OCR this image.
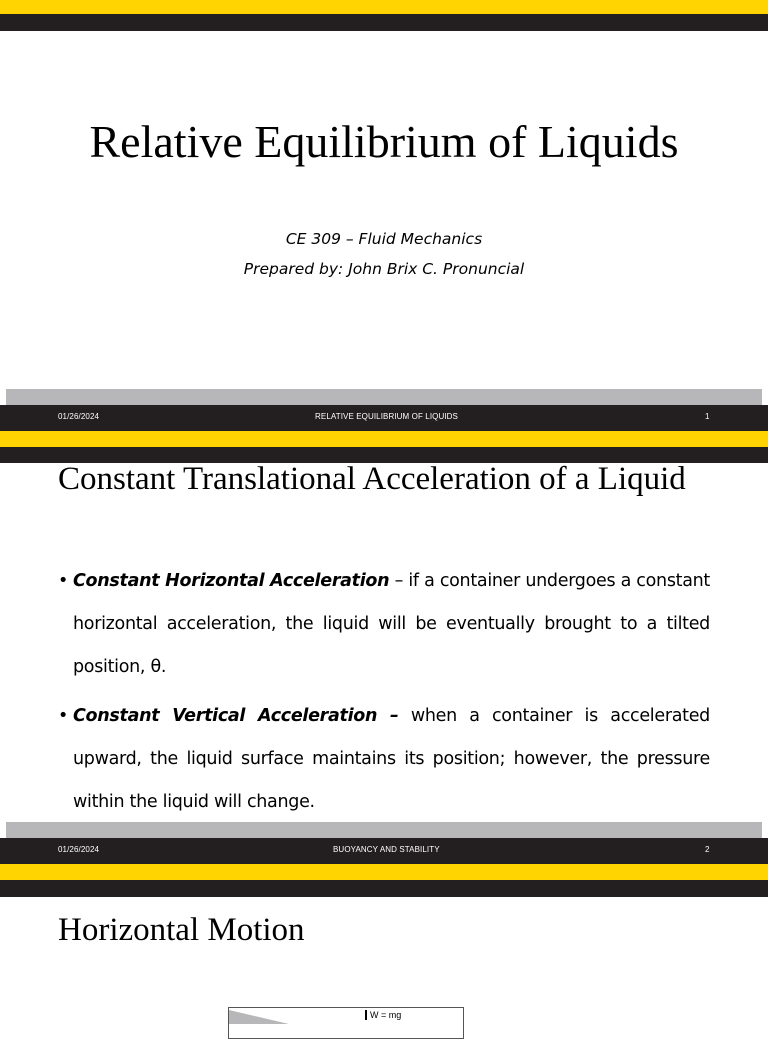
Relative Equilibrium of Liquids

CE 309 – Fluid Mechanics

Prepared by: John Brix C. Pronuncial

01/26/2024	RELATIVE EQUILIBRIUM OF LIQUIDS	1
Constant Translational Acceleration of a Liquid

• Constant Horizontal Acceleration – if a container undergoes a constant horizontal acceleration, the liquid will be eventually brought to a tilted position, θ.

• Constant Vertical Acceleration – when a container is accelerated upward, the liquid surface maintains its position; however, the pressure within the liquid will change.

01/26/2024	BUOYANCY AND STABILITY	2
Horizontal Motion
W = mg
